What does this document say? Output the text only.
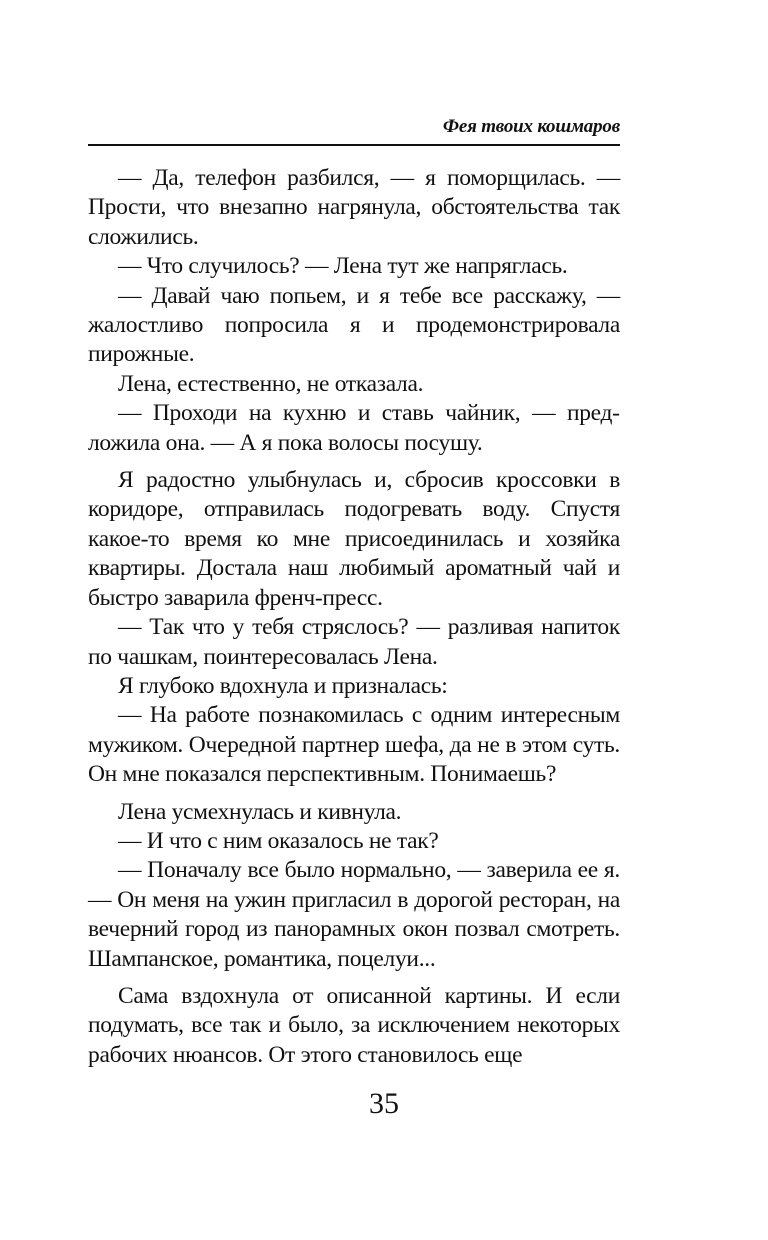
Фея твоих кошмаров

— Да, телефон разбился, — я поморщилась. — Прости, что внезапно нагрянула, обстоятельства так сложились.

— Что случилось? — Лена тут же напряглась.

— Давай чаю попьем, и я тебе все расскажу, — жалостливо попросила я и продемонстрировала пирожные.

Лена, естественно, не отказала.

— Проходи на кухню и ставь чайник, — предложила она. — А я пока волосы посушу.

Я радостно улыбнулась и, сбросив кроссовки в коридоре, отправилась подогревать воду. Спустя какое-то время ко мне присоединилась и хозяйка квартиры. Достала наш любимый ароматный чай и быстро заварила френч-пресс.

— Так что у тебя стряслось? — разливая напиток по чашкам, поинтересовалась Лена.

Я глубоко вдохнула и призналась:

— На работе познакомилась с одним интересным мужиком. Очередной партнер шефа, да не в этом суть. Он мне показался перспективным. Понимаешь?

Лена усмехнулась и кивнула.

— И что с ним оказалось не так?

— Поначалу все было нормально, — заверила ее я. — Он меня на ужин пригласил в дорогой ресторан, на вечерний город из панорамных окон позвал смотреть. Шампанское, романтика, поцелуи...

Сама вздохнула от описанной картины. И если подумать, все так и было, за исключением некоторых рабочих нюансов. От этого становилось еще

35
